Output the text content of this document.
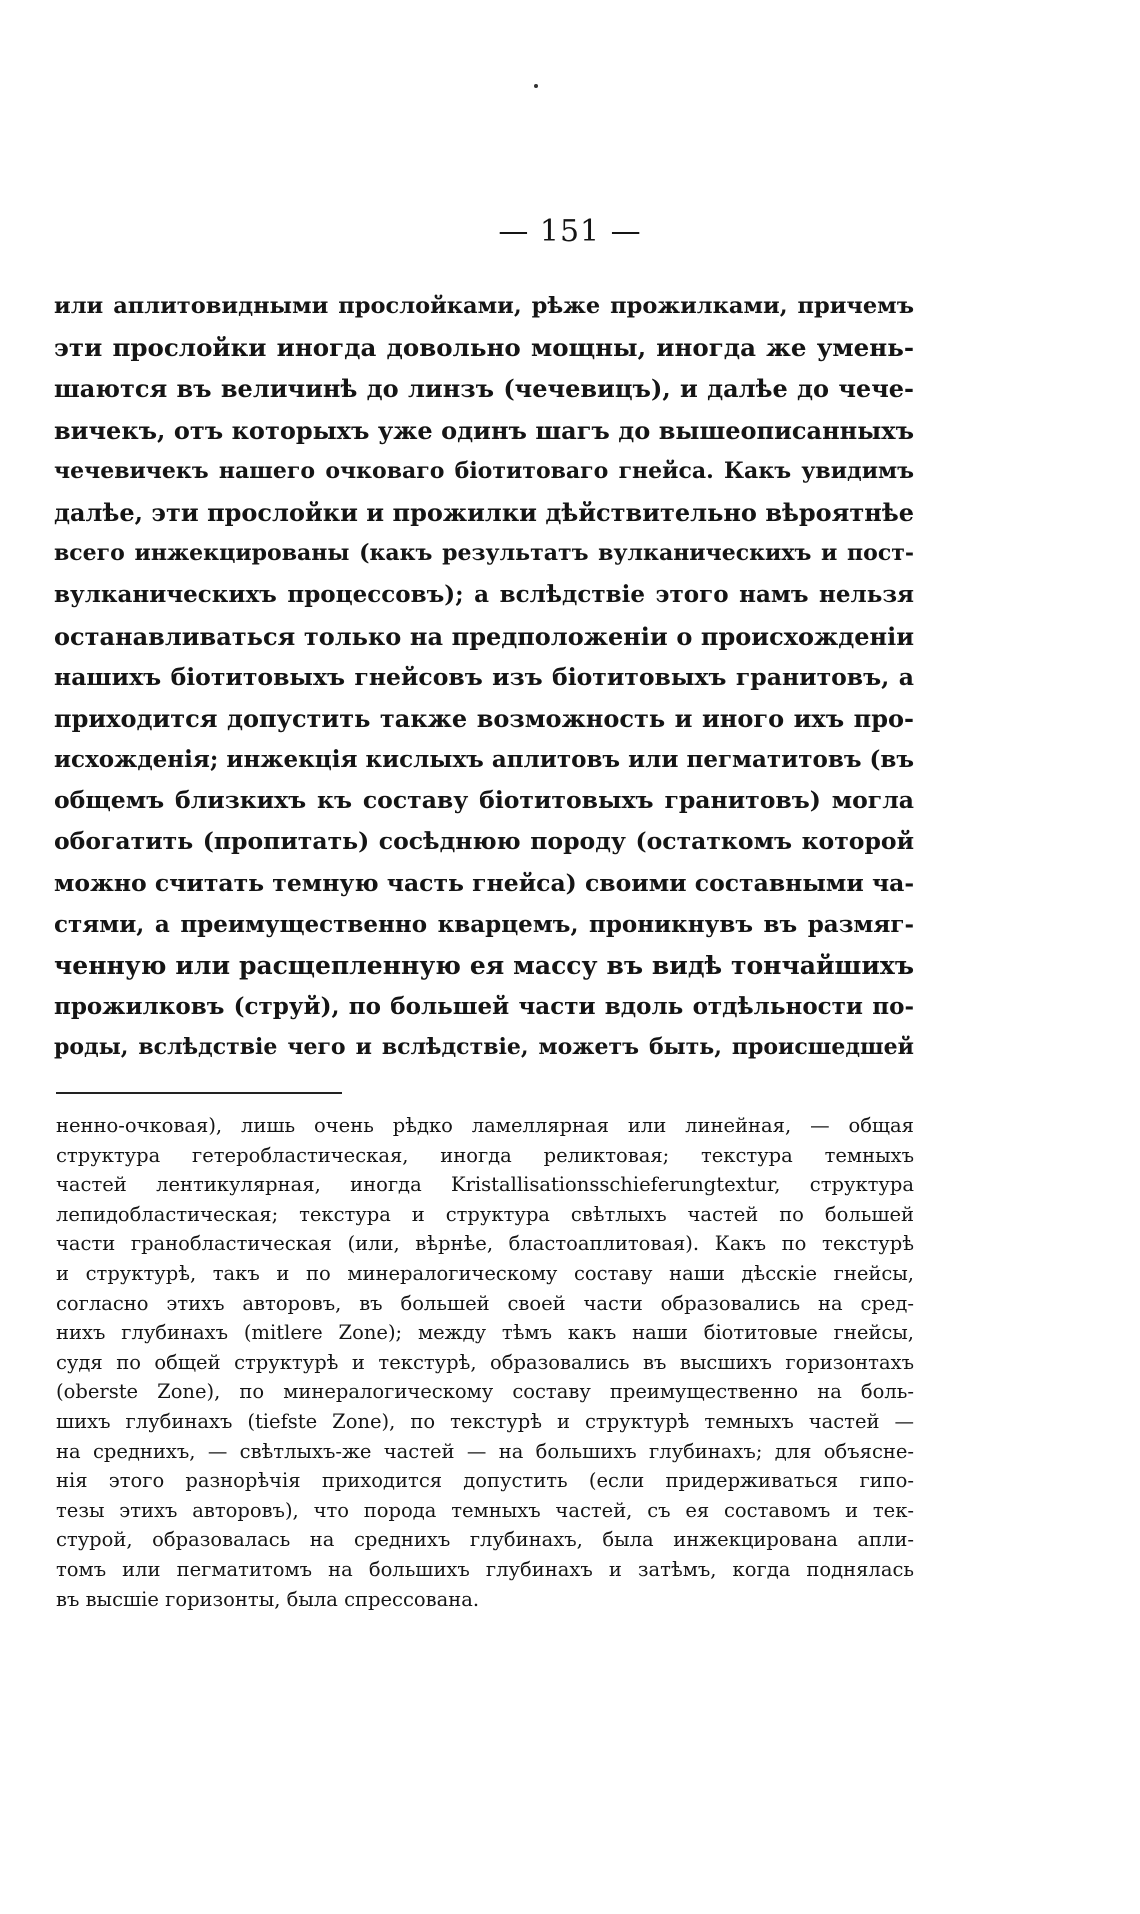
— 151 —
или аплитовидными прослойками, рѣже прожилками, причемъ
эти прослойки иногда довольно мощны, иногда же умень-
шаются въ величинѣ до линзъ (чечевицъ), и далѣе до чече-
вичекъ, отъ которыхъ уже одинъ шагъ до вышеописанныхъ
чечевичекъ нашего очковаго біотитоваго гнейса. Какъ увидимъ
далѣе, эти прослойки и прожилки дѣйствительно вѣроятнѣе
всего инжекцированы (какъ результатъ вулканическихъ и пост-
вулканическихъ процессовъ); а вслѣдствіе этого намъ нельзя
останавливаться только на предположеніи о происхожденіи
нашихъ біотитовыхъ гнейсовъ изъ біотитовыхъ гранитовъ, а
приходится допустить также возможность и иного ихъ про-
исхожденія; инжекція кислыхъ аплитовъ или пегматитовъ (въ
общемъ близкихъ къ составу біотитовыхъ гранитовъ) могла
обогатить (пропитать) сосѣднюю породу (остаткомъ которой
можно считать темную часть гнейса) своими составными ча-
стями, а преимущественно кварцемъ, проникнувъ въ размяг-
ченную или расщепленную ея массу въ видѣ тончайшихъ
прожилковъ (струй), по большей части вдоль отдѣльности по-
роды, вслѣдствіе чего и вслѣдствіе, можетъ быть, происшедшей
ненно-очковая), лишь очень рѣдко ламеллярная или линейная, — общая
структура гетеробластическая, иногда реликтовая; текстура темныхъ
частей лентикулярная, иногда Kristallisationsschieferungtextur, структура
лепидобластическая; текстура и структура свѣтлыхъ частей по большей
части гранобластическая (или, вѣрнѣе, бластоаплитовая). Какъ по текстурѣ
и структурѣ, такъ и по минералогическому составу наши дѣсскіе гнейсы,
согласно этихъ авторовъ, въ большей своей части образовались на сред-
нихъ глубинахъ (mitlere Zone); между тѣмъ какъ наши біотитовые гнейсы,
судя по общей структурѣ и текстурѣ, образовались въ высшихъ горизонтахъ
(oberste Zone), по минералогическому составу преимущественно на боль-
шихъ глубинахъ (tiefste Zone), по текстурѣ и структурѣ темныхъ частей —
на среднихъ, — свѣтлыхъ-же частей — на большихъ глубинахъ; для объясне-
нія этого разнорѣчія приходится допустить (если придерживаться гипо-
тезы этихъ авторовъ), что порода темныхъ частей, съ ея составомъ и тек-
стурой, образовалась на среднихъ глубинахъ, была инжекцирована апли-
томъ или пегматитомъ на большихъ глубинахъ и затѣмъ, когда поднялась
въ высшіе горизонты, была спрессована.
